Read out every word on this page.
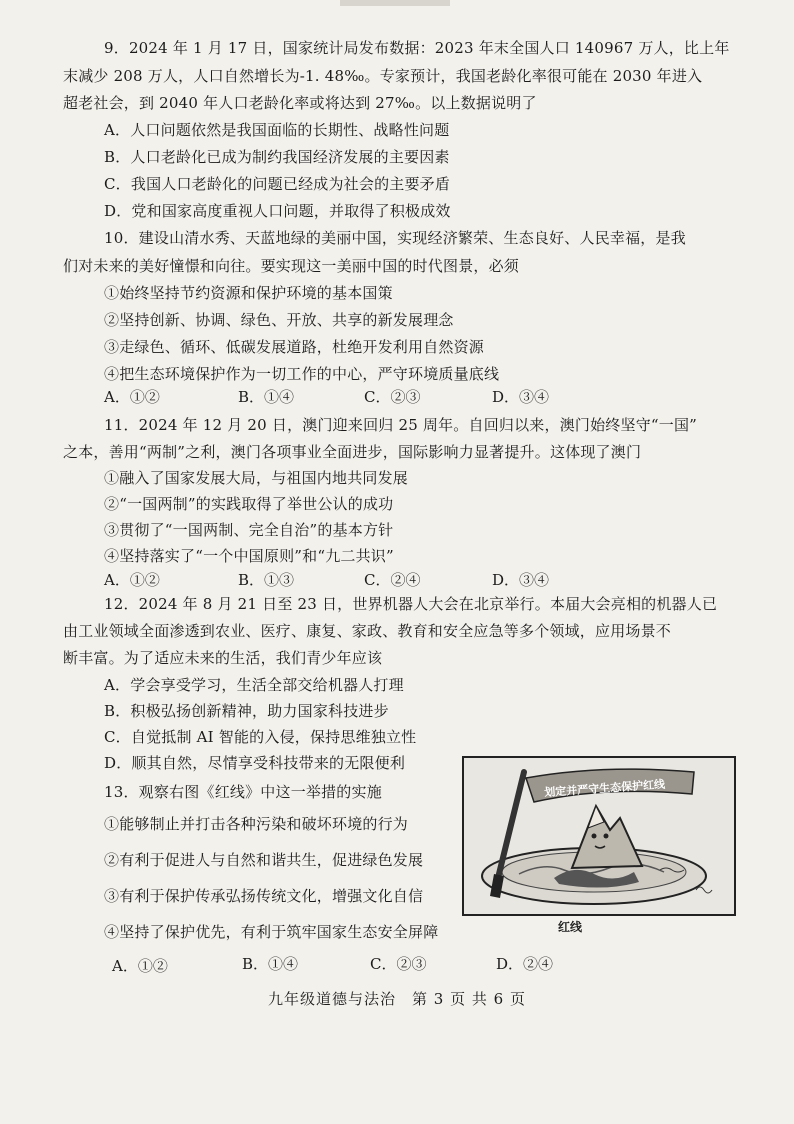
9．2024 年 1 月 17 日，国家统计局发布数据：2023 年末全国人口 140967 万人，比上年
末减少 208 万人，人口自然增长为-1. 48‰。专家预计，我国老龄化率很可能在 2030 年进入
超老社会，到 2040 年人口老龄化率或将达到 27‰。以上数据说明了
A．人口问题依然是我国面临的长期性、战略性问题
B．人口老龄化已成为制约我国经济发展的主要因素
C．我国人口老龄化的问题已经成为社会的主要矛盾
D．党和国家高度重视人口问题，并取得了积极成效
10．建设山清水秀、天蓝地绿的美丽中国，实现经济繁荣、生态良好、人民幸福，是我
们对未来的美好憧憬和向往。要实现这一美丽中国的时代图景，必须
①始终坚持节约资源和保护环境的基本国策
②坚持创新、协调、绿色、开放、共享的新发展理念
③走绿色、循环、低碳发展道路，杜绝开发利用自然资源
④把生态环境保护作为一切工作的中心，严守环境质量底线
A．①②	B．①④	C．②③	D．③④
11．2024 年 12 月 20 日，澳门迎来回归 25 周年。自回归以来，澳门始终坚守“一国”
之本，善用“两制”之利，澳门各项事业全面进步，国际影响力显著提升。这体现了澳门
①融入了国家发展大局，与祖国内地共同发展
②“一国两制”的实践取得了举世公认的成功
③贯彻了“一国两制、完全自治”的基本方针
④坚持落实了“一个中国原则”和“九二共识”
A．①②	B．①③	C．②④	D．③④
12．2024 年 8 月 21 日至 23 日，世界机器人大会在北京举行。本届大会亮相的机器人已
由工业领域全面渗透到农业、医疗、康复、家政、教育和安全应急等多个领域，应用场景不
断丰富。为了适应未来的生活，我们青少年应该
A．学会享受学习，生活全部交给机器人打理
B．积极弘扬创新精神，助力国家科技进步
C．自觉抵制 AI 智能的入侵，保持思维独立性
D．顺其自然，尽情享受科技带来的无限便利
13．观察右图《红线》中这一举措的实施
①能够制止并打击各种污染和破坏环境的行为
②有利于促进人与自然和谐共生，促进绿色发展
③有利于保护传承弘扬传统文化，增强文化自信
④坚持了保护优先，有利于筑牢国家生态安全屏障
A．①②	B．①④	C．②③	D．②④
划定并严守生态保护红线
红线
九年级道德与法治　第 3 页 共 6 页
